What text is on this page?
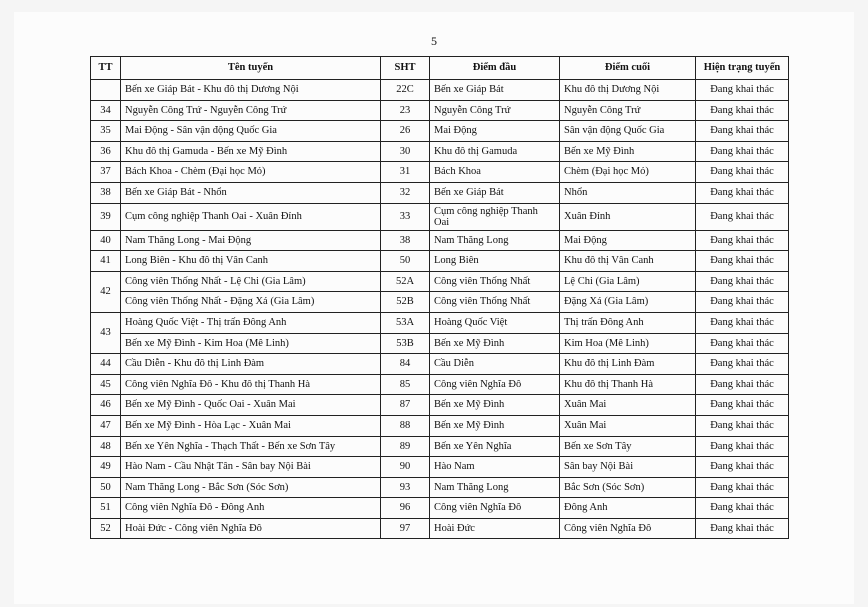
5
TT	Tên tuyến	SHT	Điểm đầu	Điểm cuối	Hiện trạng tuyến
	Bến xe Giáp Bát - Khu đô thị Dương Nội	22C	Bến xe Giáp Bát	Khu đô thị Dương Nội	Đang khai thác
34	Nguyễn Công Trứ - Nguyễn Công Trứ	23	Nguyễn Công Trứ	Nguyễn Công Trứ	Đang khai thác
35	Mai Động - Sân vận động Quốc Gia	26	Mai Động	Sân vận động Quốc Gia	Đang khai thác
36	Khu đô thị Gamuda - Bến xe Mỹ Đình	30	Khu đô thị Gamuda	Bến xe Mỹ Đình	Đang khai thác
37	Bách Khoa - Chèm (Đại học Mỏ)	31	Bách Khoa	Chèm (Đại học Mỏ)	Đang khai thác
38	Bến xe Giáp Bát - Nhổn	32	Bến xe Giáp Bát	Nhổn	Đang khai thác
39	Cụm công nghiệp Thanh Oai - Xuân Đỉnh	33	Cụm công nghiệp Thanh Oai	Xuân Đỉnh	Đang khai thác
40	Nam Thăng Long - Mai Động	38	Nam Thăng Long	Mai Động	Đang khai thác
41	Long Biên - Khu đô thị Vân Canh	50	Long Biên	Khu đô thị Vân Canh	Đang khai thác
42	Công viên Thống Nhất - Lệ Chi (Gia Lâm)	52A	Công viên Thống Nhất	Lệ Chi (Gia Lâm)	Đang khai thác
	Công viên Thống Nhất - Đặng Xá (Gia Lâm)	52B	Công viên Thống Nhất	Đặng Xá (Gia Lâm)	Đang khai thác
43	Hoàng Quốc Việt - Thị trấn Đông Anh	53A	Hoàng Quốc Việt	Thị trấn Đông Anh	Đang khai thác
	Bến xe Mỹ Đình - Kim Hoa (Mê Linh)	53B	Bến xe Mỹ Đình	Kim Hoa (Mê Linh)	Đang khai thác
44	Cầu Diễn - Khu đô thị Linh Đàm	84	Cầu Diễn	Khu đô thị Linh Đàm	Đang khai thác
45	Công viên Nghĩa Đô - Khu đô thị Thanh Hà	85	Công viên Nghĩa Đô	Khu đô thị Thanh Hà	Đang khai thác
46	Bến xe Mỹ Đình - Quốc Oai - Xuân Mai	87	Bến xe Mỹ Đình	Xuân Mai	Đang khai thác
47	Bến xe Mỹ Đình - Hòa Lạc - Xuân Mai	88	Bến xe Mỹ Đình	Xuân Mai	Đang khai thác
48	Bến xe Yên Nghĩa - Thạch Thất - Bến xe Sơn Tây	89	Bến xe Yên Nghĩa	Bến xe Sơn Tây	Đang khai thác
49	Hào Nam - Cầu Nhật Tân - Sân bay Nội Bài	90	Hào Nam	Sân bay Nội Bài	Đang khai thác
50	Nam Thăng Long - Bắc Sơn (Sóc Sơn)	93	Nam Thăng Long	Bắc Sơn (Sóc Sơn)	Đang khai thác
51	Công viên Nghĩa Đô - Đông Anh	96	Công viên Nghĩa Đô	Đông Anh	Đang khai thác
52	Hoài Đức - Công viên Nghĩa Đô	97	Hoài Đức	Công viên Nghĩa Đô	Đang khai thác
